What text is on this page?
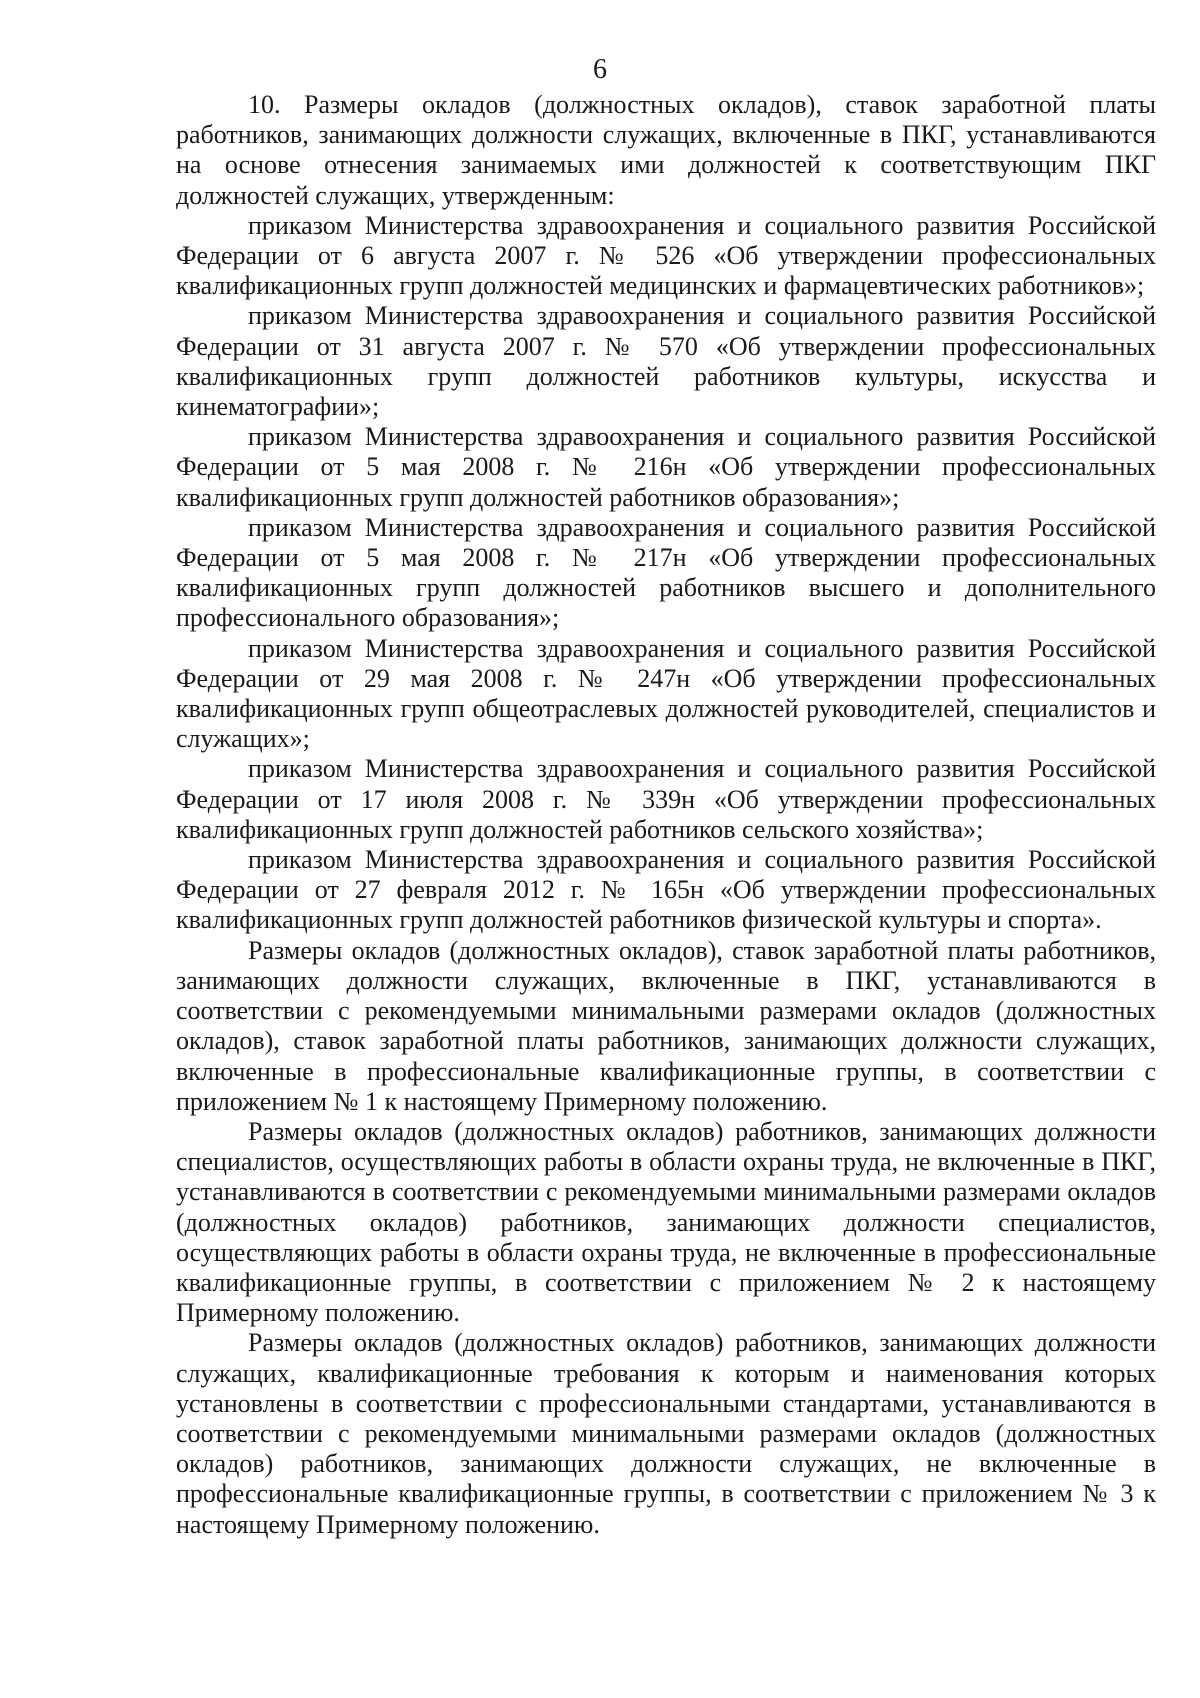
6

10. Размеры окладов (должностных окладов), ставок заработной платы работников, занимающих должности служащих, включенные в ПКГ, устанавливаются на основе отнесения занимаемых ими должностей к соответствующим ПКГ должностей служащих, утвержденным:

приказом Министерства здравоохранения и социального развития Российской Федерации от 6 августа 2007 г. № 526 «Об утверждении профессиональных квалификационных групп должностей медицинских и фармацевтических работников»;

приказом Министерства здравоохранения и социального развития Российской Федерации от 31 августа 2007 г. № 570 «Об утверждении профессиональных квалификационных групп должностей работников культуры, искусства и кинематографии»;

приказом Министерства здравоохранения и социального развития Российской Федерации от 5 мая 2008 г. № 216н «Об утверждении профессиональных квалификационных групп должностей работников образования»;

приказом Министерства здравоохранения и социального развития Российской Федерации от 5 мая 2008 г. № 217н «Об утверждении профессиональных квалификационных групп должностей работников высшего и дополнительного профессионального образования»;

приказом Министерства здравоохранения и социального развития Российской Федерации от 29 мая 2008 г. № 247н «Об утверждении профессиональных квалификационных групп общеотраслевых должностей руководителей, специалистов и служащих»;

приказом Министерства здравоохранения и социального развития Российской Федерации от 17 июля 2008 г. № 339н «Об утверждении профессиональных квалификационных групп должностей работников сельского хозяйства»;

приказом Министерства здравоохранения и социального развития Российской Федерации от 27 февраля 2012 г. № 165н «Об утверждении профессиональных квалификационных групп должностей работников физической культуры и спорта».

Размеры окладов (должностных окладов), ставок заработной платы работников, занимающих должности служащих, включенные в ПКГ, устанавливаются в соответствии с рекомендуемыми минимальными размерами окладов (должностных окладов), ставок заработной платы работников, занимающих должности служащих, включенные в профессиональные квалификационные группы, в соответствии с приложением № 1 к настоящему Примерному положению.

Размеры окладов (должностных окладов) работников, занимающих должности специалистов, осуществляющих работы в области охраны труда, не включенные в ПКГ, устанавливаются в соответствии с рекомендуемыми минимальными размерами окладов (должностных окладов) работников, занимающих должности специалистов, осуществляющих работы в области охраны труда, не включенные в профессиональные квалификационные группы, в соответствии с приложением № 2 к настоящему Примерному положению.

Размеры окладов (должностных окладов) работников, занимающих должности служащих, квалификационные требования к которым и наименования которых установлены в соответствии с профессиональными стандартами, устанавливаются в соответствии с рекомендуемыми минимальными размерами окладов (должностных окладов) работников, занимающих должности служащих, не включенные в профессиональные квалификационные группы, в соответствии с приложением № 3 к настоящему Примерному положению.
